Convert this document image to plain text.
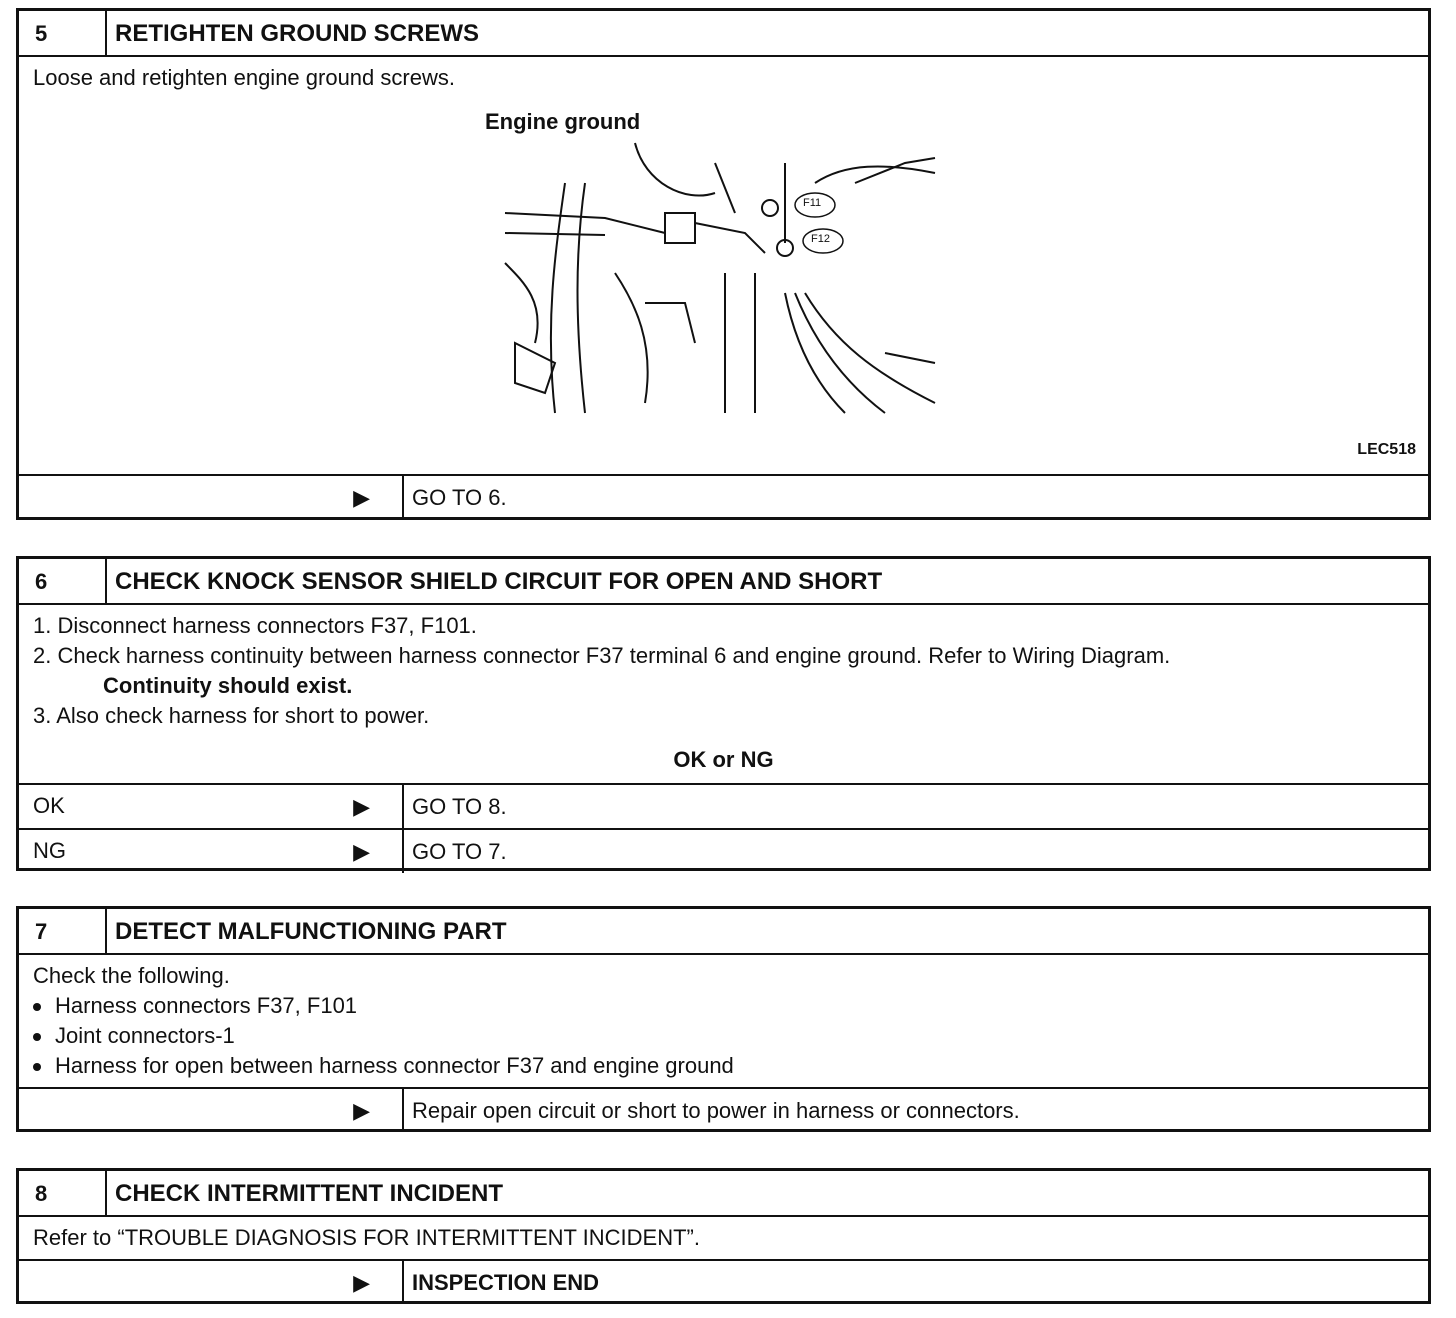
5	RETIGHTEN GROUND SCREWS
Loose and retighten engine ground screws.
Engine ground
F11
F12
LEC518
▶	GO TO 6.
6	CHECK KNOCK SENSOR SHIELD CIRCUIT FOR OPEN AND SHORT
1. Disconnect harness connectors F37, F101.
2. Check harness continuity between harness connector F37 terminal 6 and engine ground. Refer to Wiring Diagram.
Continuity should exist.
3. Also check harness for short to power.
OK or NG
OK	▶	GO TO 8.
NG	▶	GO TO 7.
7	DETECT MALFUNCTIONING PART
Check the following.
Harness connectors F37, F101
Joint connectors-1
Harness for open between harness connector F37 and engine ground
▶	Repair open circuit or short to power in harness or connectors.
8	CHECK INTERMITTENT INCIDENT
Refer to “TROUBLE DIAGNOSIS FOR INTERMITTENT INCIDENT”.
▶	INSPECTION END
